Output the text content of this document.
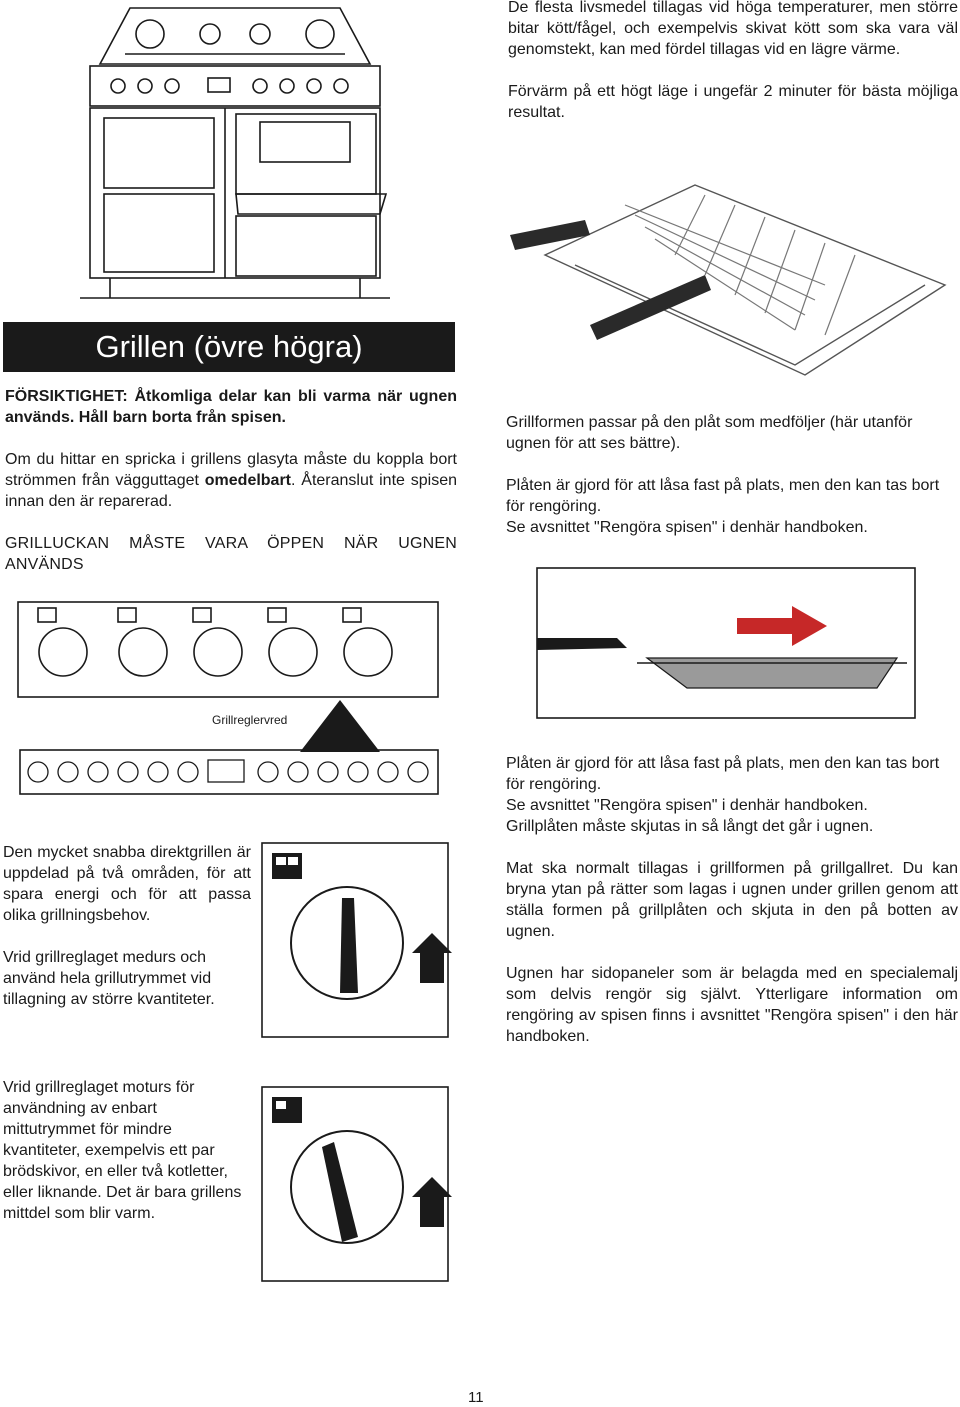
De flesta livsmedel tillagas vid höga temperaturer, men större bitar kött/fågel, och exempelvis skivat kött som ska vara väl genomstekt, kan med fördel tillagas vid en lägre värme.

Förvärm på ett högt läge i ungefär 2 minuter för bästa möjliga resultat.

Grillen (övre högra)

FÖRSIKTIGHET: Åtkomliga delar kan bli varma när ugnen används. Håll barn borta från spisen.

Om du hittar en spricka i grillens glasyta måste du koppla bort strömmen från vägguttaget omedelbart. Återanslut inte spisen innan den är reparerad.

GRILLUCKAN MÅSTE VARA ÖPPEN NÄR UGNEN ANVÄNDS

Grillformen passar på den plåt som medföljer (här utanför ugnen för att ses bättre).

Plåten är gjord för att låsa fast på plats, men den kan tas bort för rengöring.

Se avsnittet "Rengöra spisen" i denhär handboken.

Grillreglervred

Plåten är gjord för att låsa fast på plats, men den kan tas bort för rengöring.

Se avsnittet "Rengöra spisen" i denhär handboken.

Grillplåten måste skjutas in så långt det går i ugnen.

Mat ska normalt tillagas i grillformen på grillgallret. Du kan bryna ytan på rätter som lagas i ugnen under grillen genom att ställa formen på grillplåten och skjuta in den på botten av ugnen.

Ugnen har sidopaneler som är belagda med en specialemalj som delvis rengör sig självt. Ytterligare information om rengöring av spisen finns i avsnittet "Rengöra spisen" i den här handboken.

Den mycket snabba direktgrillen är uppdelad på två områden, för att spara energi och för att passa olika grillningsbehov.

Vrid grillreglaget medurs och använd hela grillutrymmet vid tillagning av större kvantiteter.

Vrid grillreglaget moturs för användning av enbart mittutrymmet för mindre kvantiteter, exempelvis ett par brödskivor, en eller två kotletter, eller liknande. Det är bara grillens mittdel som blir varm.

11
